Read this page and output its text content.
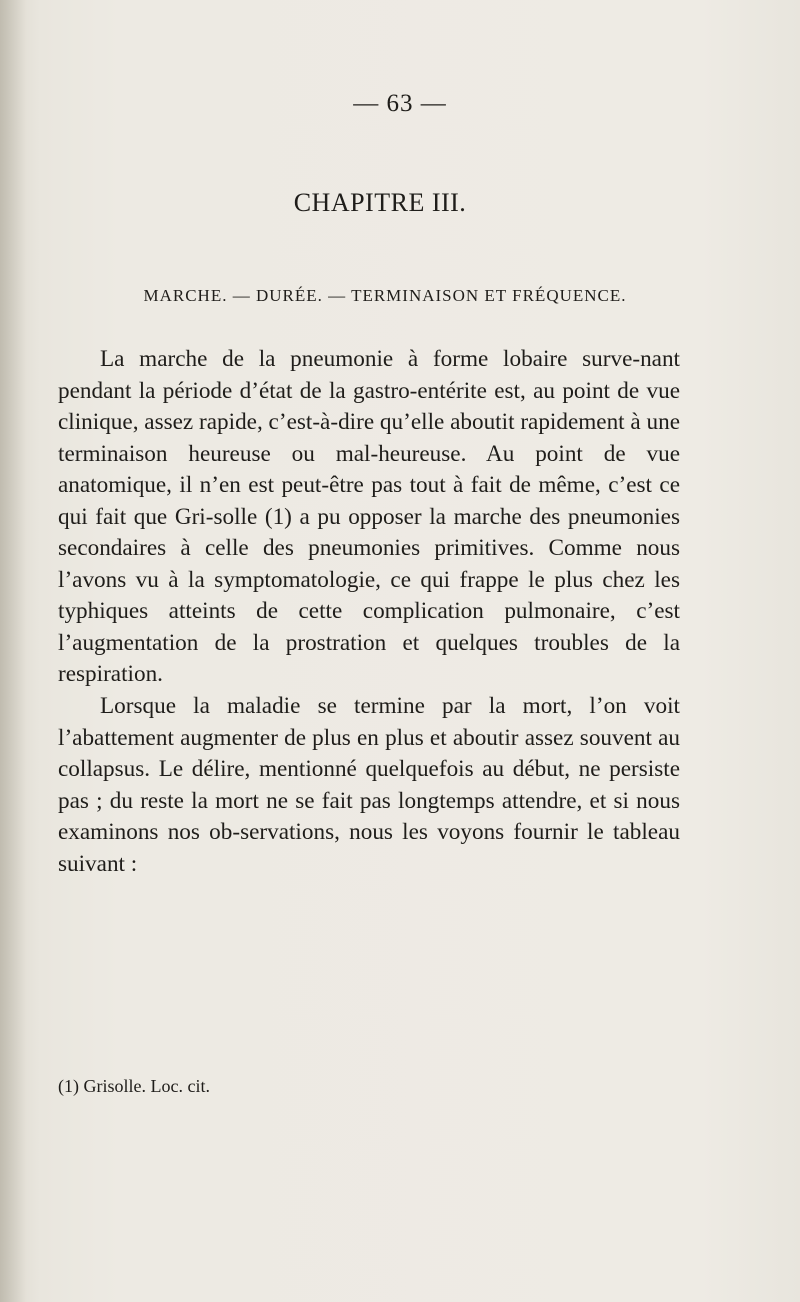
— 63 —
CHAPITRE III.
MARCHE. — DURÉE. — TERMINAISON ET FRÉQUENCE.

La marche de la pneumonie à forme lobaire surve-nant pendant la période d’état de la gastro-entérite est, au point de vue clinique, assez rapide, c’est-à-dire qu’elle aboutit rapidement à une terminaison heureuse ou mal-heureuse. Au point de vue anatomique, il n’en est peut-être pas tout à fait de même, c’est ce qui fait que Gri-solle (1) a pu opposer la marche des pneumonies secondaires à celle des pneumonies primitives. Comme nous l’avons vu à la symptomatologie, ce qui frappe le plus chez les typhiques atteints de cette complication pulmonaire, c’est l’augmentation de la prostration et quelques troubles de la respiration.

Lorsque la maladie se termine par la mort, l’on voit l’abattement augmenter de plus en plus et aboutir assez souvent au collapsus. Le délire, mentionné quelquefois au début, ne persiste pas ; du reste la mort ne se fait pas longtemps attendre, et si nous examinons nos ob-servations, nous les voyons fournir le tableau suivant :

(1) Grisolle. Loc. cit.
